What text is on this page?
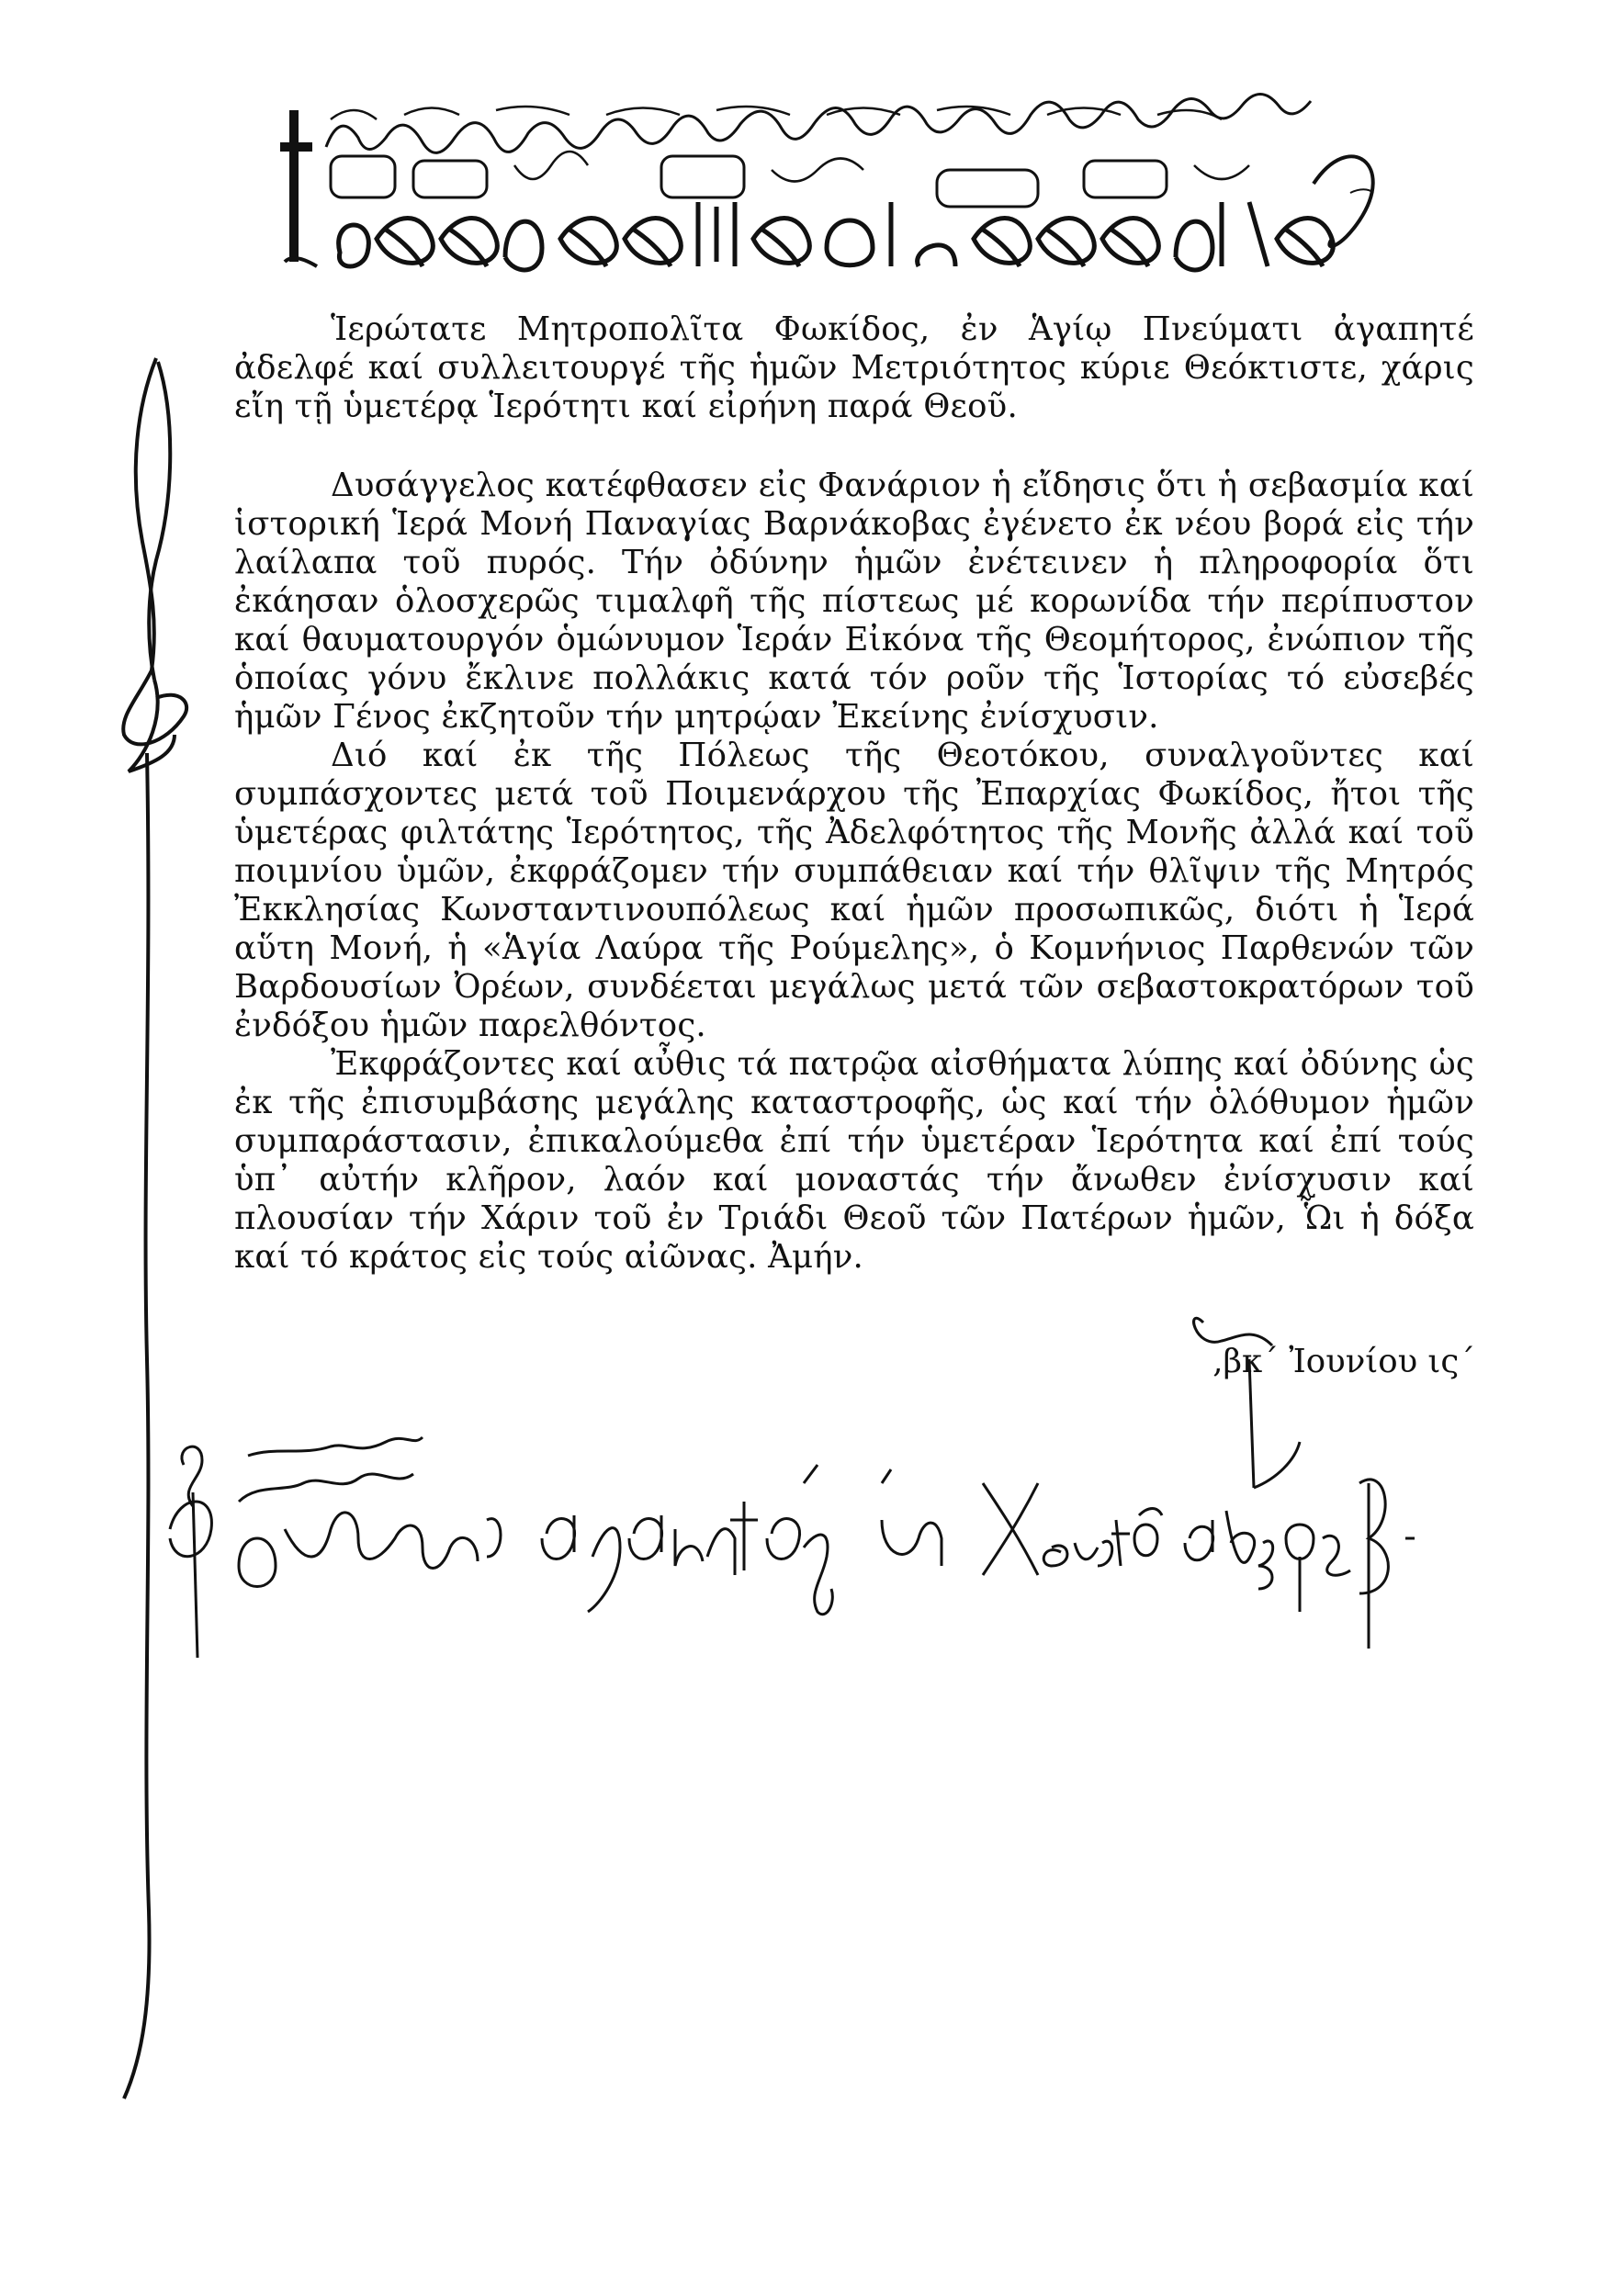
Ἱερώτατε Μητροπολῖτα Φωκίδος, ἐν Ἁγίῳ Πνεύματι ἀγαπητέ ἀδελφέ καί συλλειτουργέ τῆς ἡμῶν Μετριότητος κύριε Θεόκτιστε, χάρις εἴη τῇ ὑμετέρᾳ Ἱερότητι καί εἰρήνη παρά Θεοῦ.

Δυσάγγελος κατέφθασεν εἰς Φανάριον ἡ εἴδησις ὅτι ἡ σεβασμία καί ἱστορική Ἱερά Μονή Παναγίας Βαρνάκοβας ἐγένετο ἐκ νέου βορά εἰς τήν λαίλαπα τοῦ πυρός. Τήν ὀδύνην ἡμῶν ἐνέτεινεν ἡ πληροφορία ὅτι ἐκάησαν ὁλοσχερῶς τιμαλφῆ τῆς πίστεως μέ κορωνίδα τήν περίπυστον καί θαυματουργόν ὁμώνυμον Ἱεράν Εἰκόνα τῆς Θεομήτορος, ἐνώπιον τῆς ὁποίας γόνυ ἔκλινε πολλάκις κατά τόν ροῦν τῆς Ἱστορίας τό εὐσεβές ἡμῶν Γένος ἐκζητοῦν τήν μητρῴαν Ἐκείνης ἐνίσχυσιν.

Διό καί ἐκ τῆς Πόλεως τῆς Θεοτόκου, συναλγοῦντες καί συμπάσχοντες μετά τοῦ Ποιμενάρχου τῆς Ἐπαρχίας Φωκίδος, ἤτοι τῆς ὑμετέρας φιλτάτης Ἱερότητος, τῆς Ἀδελφότητος τῆς Μονῆς ἀλλά καί τοῦ ποιμνίου ὑμῶν, ἐκφράζομεν τήν συμπάθειαν καί τήν θλῖψιν τῆς Μητρός Ἐκκλησίας Κωνσταντινουπόλεως καί ἡμῶν προσωπικῶς, διότι ἡ Ἱερά αὕτη Μονή, ἡ «Ἁγία Λαύρα τῆς Ρούμελης», ὁ Κομνήνιος Παρθενών τῶν Βαρδουσίων Ὀρέων, συνδέεται μεγάλως μετά τῶν σεβαστοκρατόρων τοῦ ἐνδόξου ἡμῶν παρελθόντος.

Ἐκφράζοντες καί αὖθις τά πατρῷα αἰσθήματα λύπης καί ὀδύνης ὡς ἐκ τῆς ἐπισυμβάσης μεγάλης καταστροφῆς, ὡς καί τήν ὁλόθυμον ἡμῶν συμπαράστασιν, ἐπικαλούμεθα ἐπί τήν ὑμετέραν Ἱερότητα καί ἐπί τούς ὑπ᾽ αὐτήν κλῆρον, λαόν καί μοναστάς τήν ἄνωθεν ἐνίσχυσιν καί πλουσίαν τήν Χάριν τοῦ ἐν Τριάδι Θεοῦ τῶν Πατέρων ἡμῶν, Ὧι ἡ δόξα καί τό κράτος εἰς τούς αἰῶνας. Ἀμήν.

,βκ´ Ἰουνίου ις´
